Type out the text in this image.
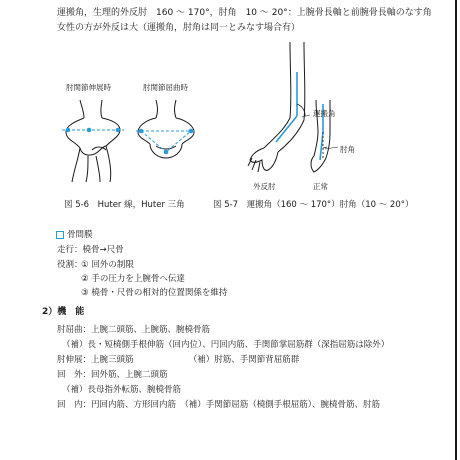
運搬角，生理的外反肘　160 ～ 170°，肘角　10 ～ 20°：上腕骨長軸と前腕骨長軸のなす角
女性の方が外反は大（運搬角，肘角は同一とみなす場合有）
肘関節伸展時	肘関節屈曲時
図 5-6　Huter 線，Huter 三角
運搬角
肘角
外反肘	正常
図 5-7　運搬角（160 ～ 170°）肘角（10 ～ 20°）
骨間膜
走行：橈骨→尺骨
役割：
① 回外の制限
② 手の圧力を上腕骨へ伝達
③ 橈骨・尺骨の相対的位置関係を維持
2）機　能
肘屈曲：上腕二頭筋、上腕筋、腕橈骨筋
（補）長・短橈側手根伸筋（回内位）、円回内筋、手関節掌屈筋群（深指屈筋は除外）
肘伸展：上腕三頭筋　　　　　　　（補）肘筋、手関節背屈筋群
回　外：回外筋、上腕二頭筋
（補）長母指外転筋、腕橈骨筋
回　内：円回内筋、方形回内筋　（補）手関節屈筋（橈側手根屈筋）、腕橈骨筋、肘筋
